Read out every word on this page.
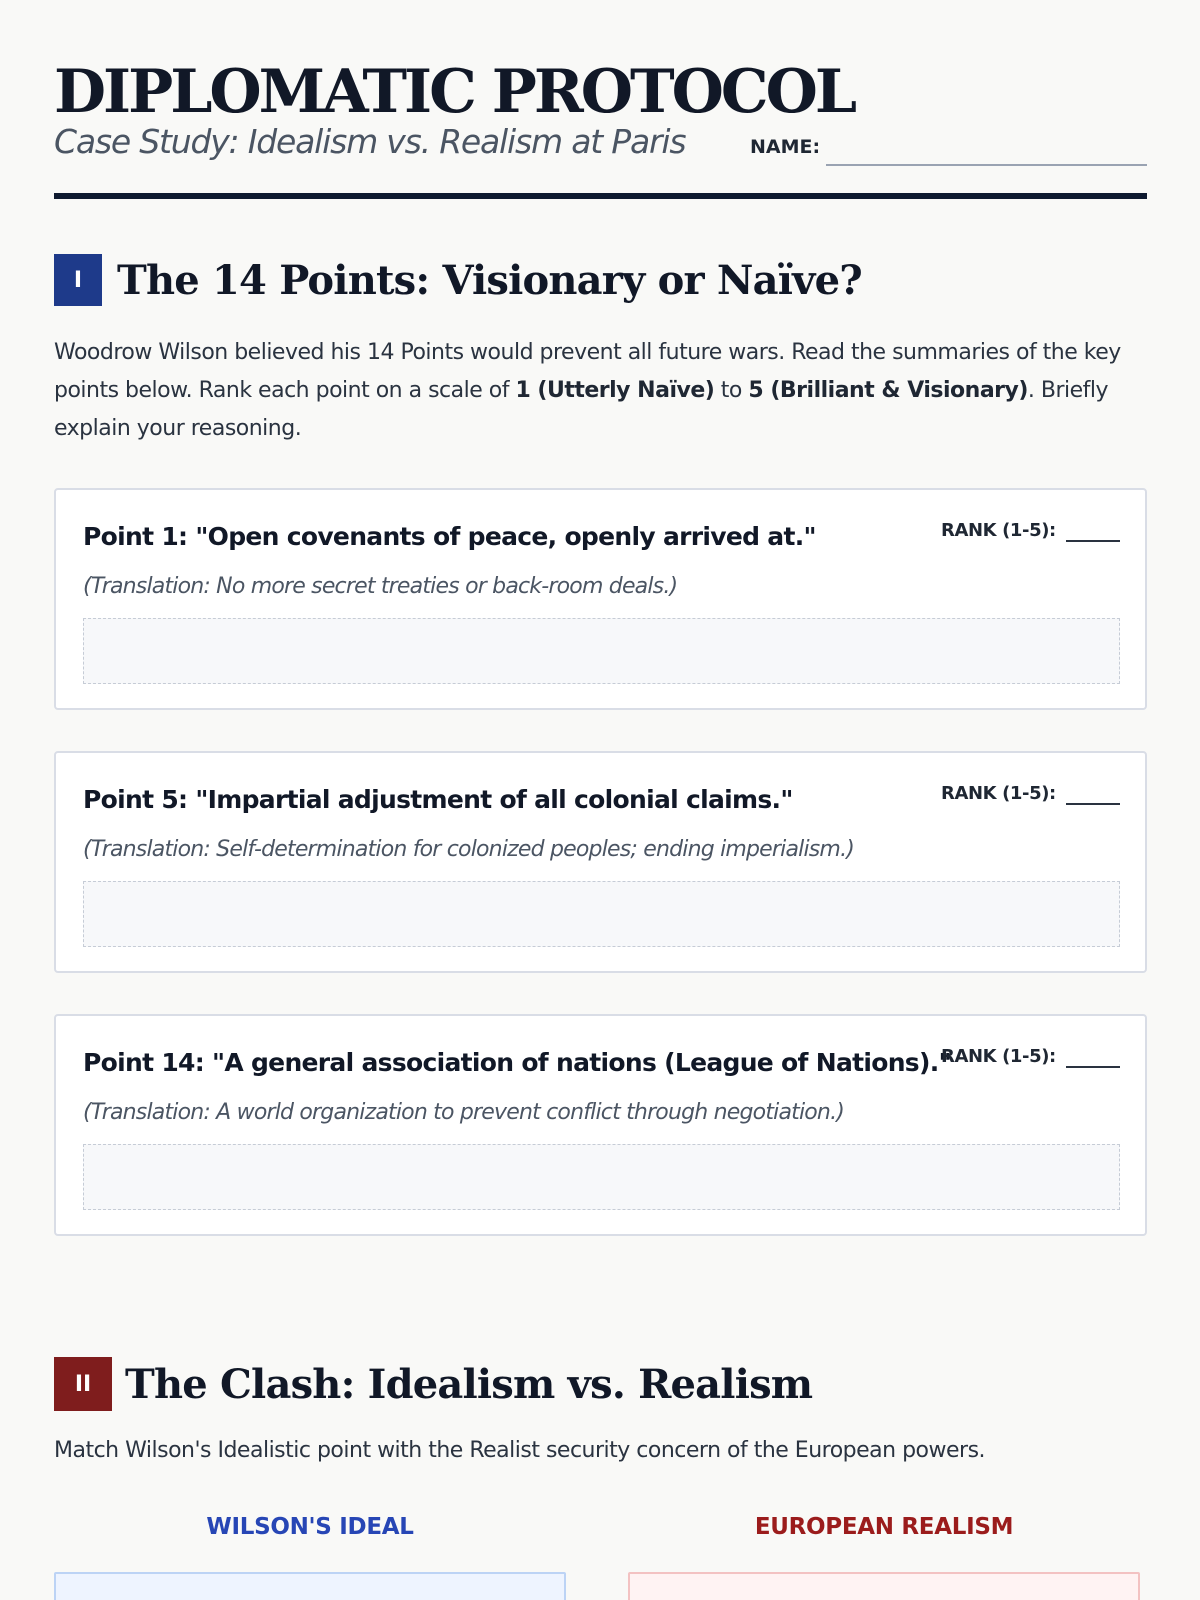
DIPLOMATIC PROTOCOL
Case Study: Idealism vs. Realism at Paris	NAME:
I The 14 Points: Visionary or Naïve?
Woodrow Wilson believed his 14 Points would prevent all future wars. Read the summaries of the key points below. Rank each point on a scale of 1 (Utterly Naïve) to 5 (Brilliant & Visionary). Briefly explain your reasoning.
Point 1: "Open covenants of peace, openly arrived at."	RANK (1-5):
(Translation: No more secret treaties or back-room deals.)
Point 5: "Impartial adjustment of all colonial claims."	RANK (1-5):
(Translation: Self-determination for colonized peoples; ending imperialism.)
Point 14: "A general association of nations (League of Nations)."
RANK (1-5):
(Translation: A world organization to prevent conflict through negotiation.)
II The Clash: Idealism vs. Realism
Match Wilson's Idealistic point with the Realist security concern of the European powers.
WILSON'S IDEAL	EUROPEAN REALISM
